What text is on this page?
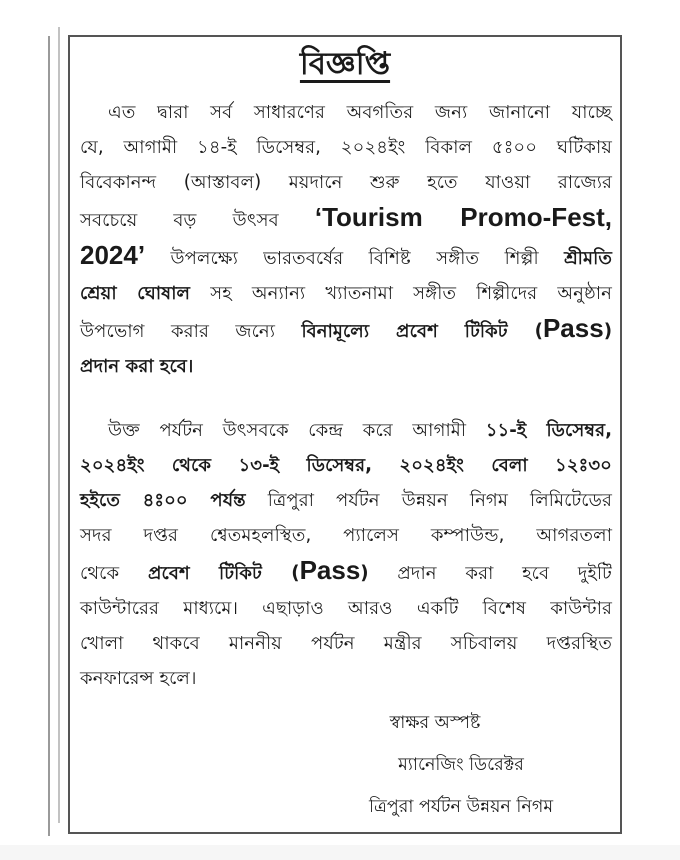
বিজ্ঞপ্তি
এত দ্বারা সর্ব সাধারণের অবগতির জন্য জানানো যাচ্ছে
যে, আগামী ১৪-ই ডিসেম্বর, ২০২৪ইং বিকাল ৫ঃ০০ ঘটিকায়
বিবেকানন্দ (আস্তাবল) ময়দানে শুরু হতে যাওয়া রাজ্যের
সবচেয়ে বড় উৎসব ‘Tourism Promo-Fest,
2024’ উপলক্ষ্যে ভারতবর্ষের বিশিষ্ট সঙ্গীত শিল্পী শ্রীমতি
শ্রেয়া ঘোষাল সহ অন্যান্য খ্যাতনামা সঙ্গীত শিল্পীদের অনুষ্ঠান
উপভোগ করার জন্যে বিনামূল্যে প্রবেশ টিকিট (Pass)
প্রদান করা হবে।
উক্ত পর্যটন উৎসবকে কেন্দ্র করে আগামী ১১-ই ডিসেম্বর,
২০২৪ইং থেকে ১৩-ই ডিসেম্বর, ২০২৪ইং বেলা ১২ঃ৩০
হইতে ৪ঃ০০ পর্যন্ত ত্রিপুরা পর্যটন উন্নয়ন নিগম লিমিটেডের
সদর দপ্তর শ্বেতমহলস্থিত, প্যালেস কম্পাউন্ড, আগরতলা
থেকে প্রবেশ টিকিট (Pass) প্রদান করা হবে দুইটি
কাউন্টারের মাধ্যমে। এছাড়াও আরও একটি বিশেষ কাউন্টার
খোলা থাকবে মাননীয় পর্যটন মন্ত্রীর সচিবালয় দপ্তরস্থিত
কনফারেন্স হলে।
স্বাক্ষর অস্পষ্ট
ম্যানেজিং ডিরেক্টর
ত্রিপুরা পর্যটন উন্নয়ন নিগম
